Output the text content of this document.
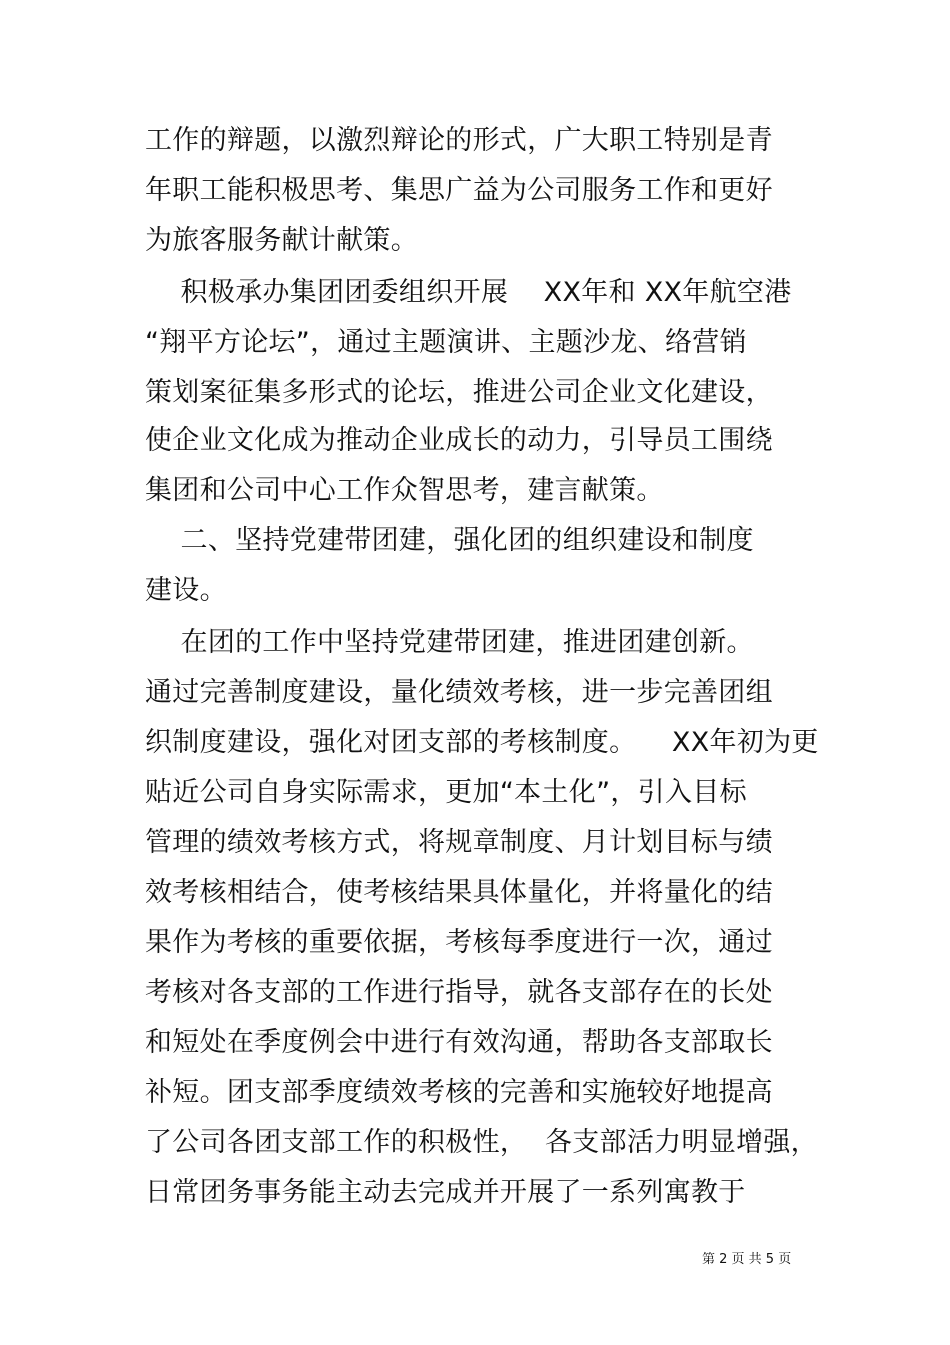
工作的辩题，以激烈辩论的形式，广大职工特别是青
年职工能积极思考、集思广益为公司服务工作和更好
为旅客服务献计献策。
积极承办集团团委组织开展    XX年和 XX年航空港
“翔平方论坛”，通过主题演讲、主题沙龙、络营销
策划案征集多形式的论坛，推进公司企业文化建设，
使企业文化成为推动企业成长的动力，引导员工围绕
集团和公司中心工作众智思考，建言献策。
二、坚持党建带团建，强化团的组织建设和制度
建设。
在团的工作中坚持党建带团建，推进团建创新。
通过完善制度建设，量化绩效考核，进一步完善团组
织制度建设，强化对团支部的考核制度。    XX年初为更
贴近公司自身实际需求，更加“本土化”，引入目标
管理的绩效考核方式，将规章制度、月计划目标与绩
效考核相结合，使考核结果具体量化，并将量化的结
果作为考核的重要依据，考核每季度进行一次，通过
考核对各支部的工作进行指导，就各支部存在的长处
和短处在季度例会中进行有效沟通，帮助各支部取长
补短。团支部季度绩效考核的完善和实施较好地提高
了公司各团支部工作的积极性，  各支部活力明显增强，
日常团务事务能主动去完成并开展了一系列寓教于
第 2 页 共 5 页
